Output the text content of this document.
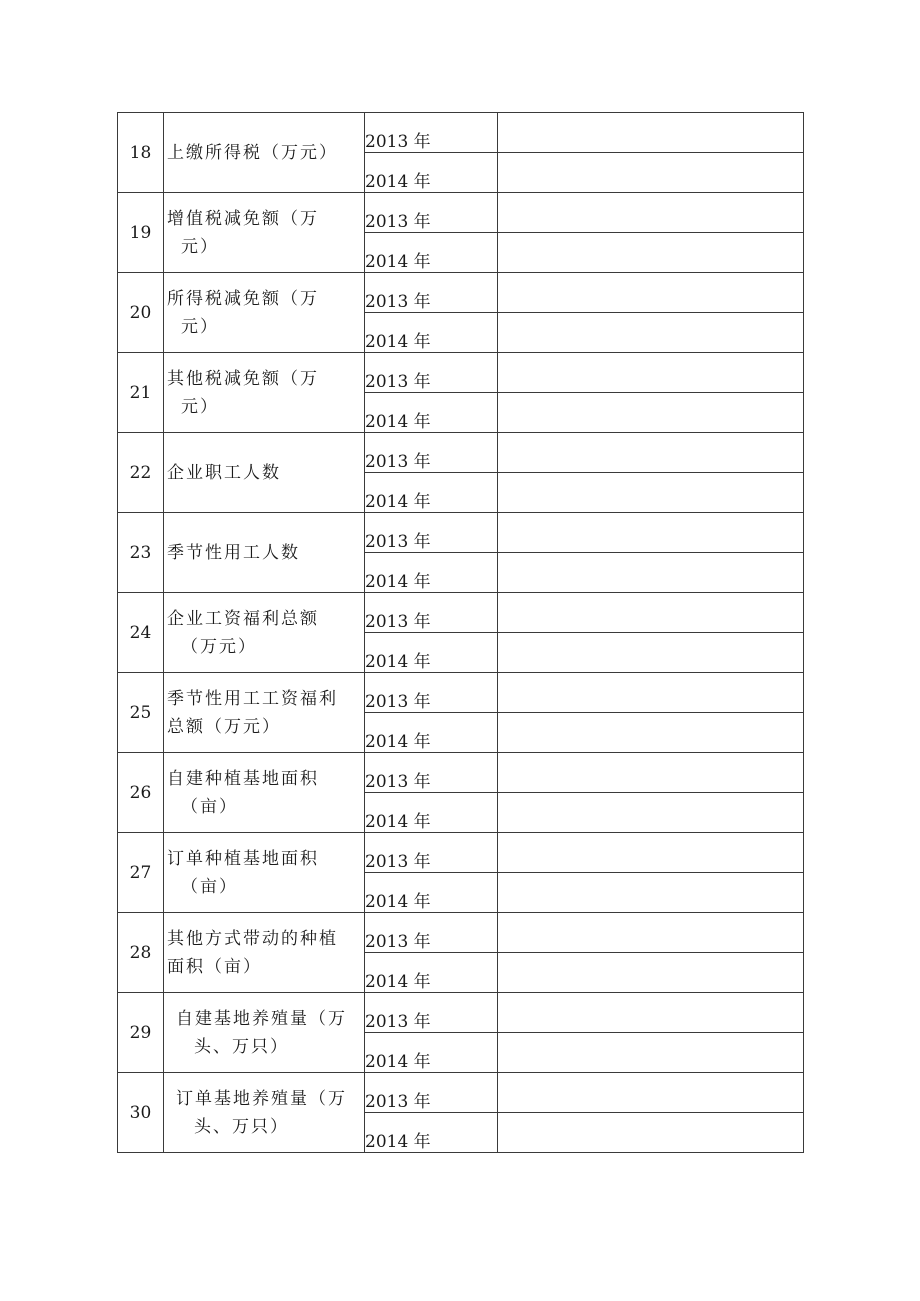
18	上缴所得税（万元）	2013 年	
		2014 年	
19	增值税减免额（万
元）	2013 年	
		2014 年	
20	所得税减免额（万
元）	2013 年	
		2014 年	
21	其他税减免额（万
元）	2013 年	
		2014 年	
22	企业职工人数	2013 年	
		2014 年	
23	季节性用工人数	2013 年	
		2014 年	
24	企业工资福利总额
（万元）	2013 年	
		2014 年	
25	季节性用工工资福利
总额（万元）	2013 年	
		2014 年	
26	自建种植基地面积
（亩）	2013 年	
		2014 年	
27	订单种植基地面积
（亩）	2013 年	
		2014 年	
28	其他方式带动的种植
面积（亩）	2013 年	
		2014 年	
29	自建基地养殖量（万
头、万只）	2013 年	
		2014 年	
30	订单基地养殖量（万
头、万只）	2013 年	
		2014 年	
